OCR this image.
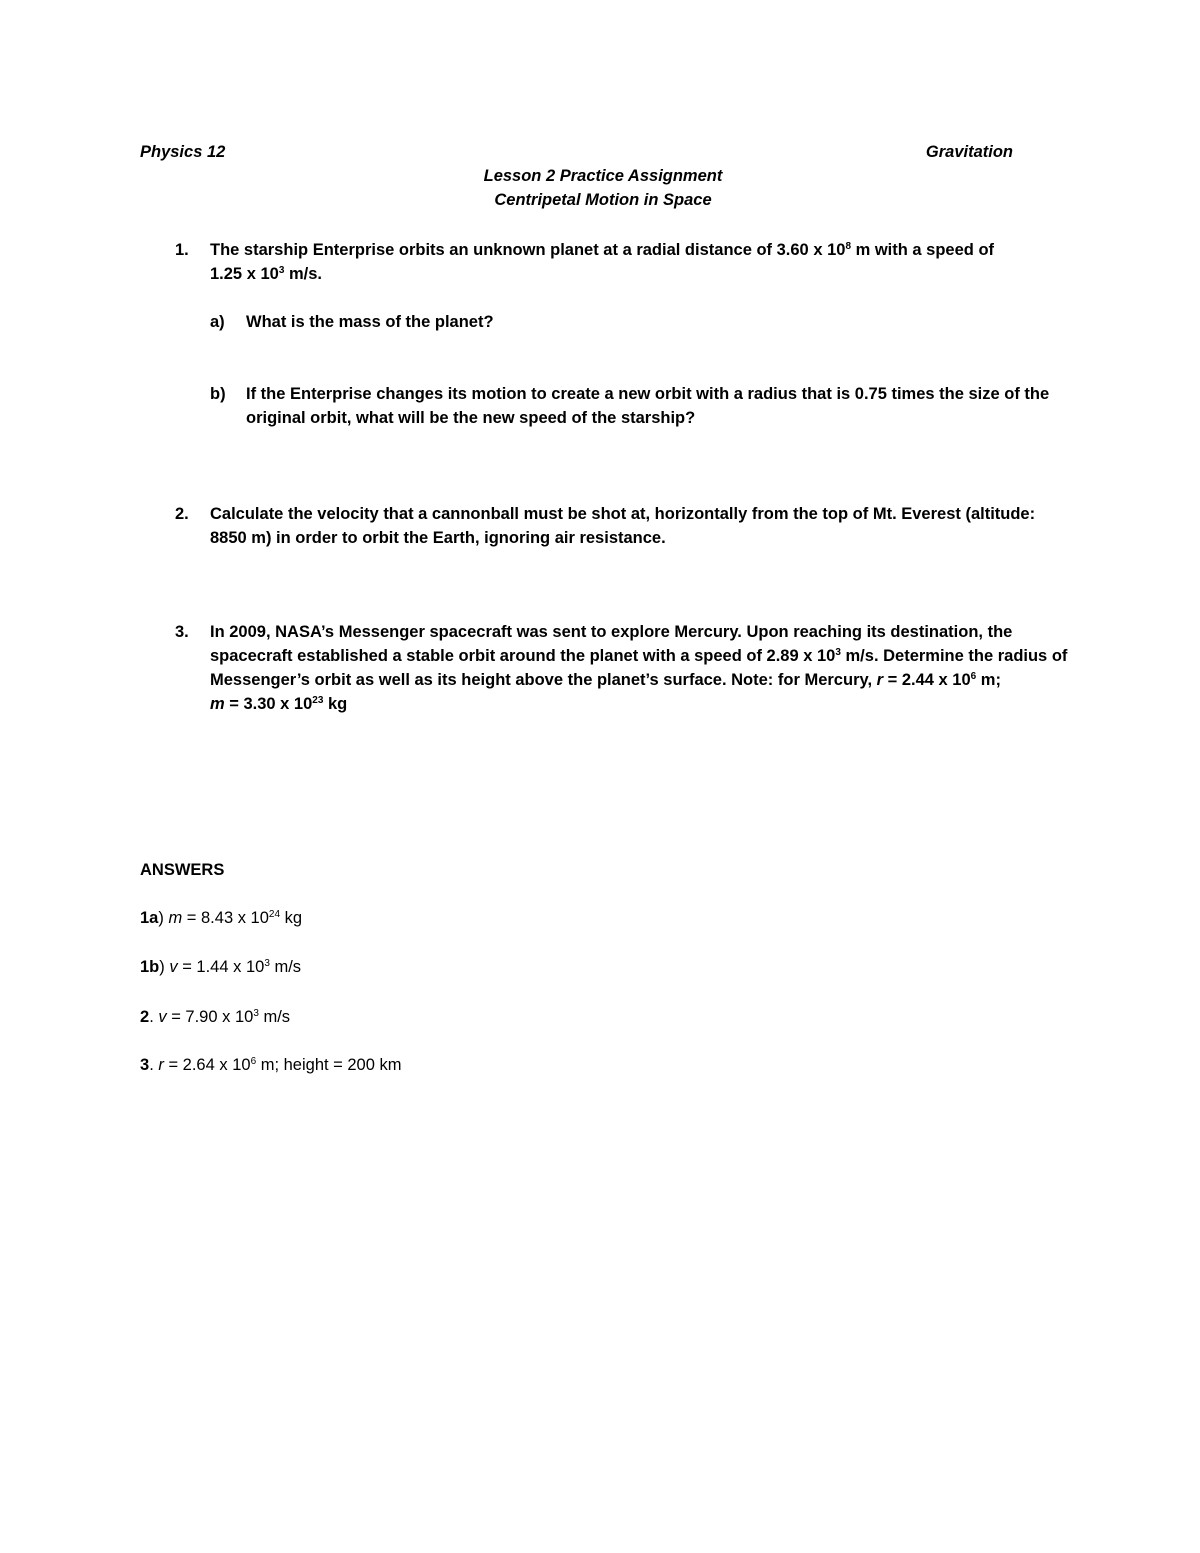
Physics 12	Gravitation
Lesson 2 Practice Assignment
Centripetal Motion in Space
1. The starship Enterprise orbits an unknown planet at a radial distance of 3.60 x $10^8$ m with a speed of
1.25 x $10^3$ m/s.
a) What is the mass of the planet?
b) If the Enterprise changes its motion to create a new orbit with a radius that is 0.75 times the size of the original orbit, what will be the new speed of the starship?
2. Calculate the velocity that a cannonball must be shot at, horizontally from the top of Mt. Everest (altitude: 8850 m) in order to orbit the Earth, ignoring air resistance.
3. In 2009, NASA’s Messenger spacecraft was sent to explore Mercury. Upon reaching its destination, the spacecraft established a stable orbit around the planet with a speed of 2.89 x $10^3$ m/s. Determine the radius of Messenger’s orbit as well as its height above the planet’s surface. Note: for Mercury, r = 2.44 x $10^6$ m;
m = 3.30 x $10^{23}$ kg
ANSWERS
1a) m = 8.43 x $10^{24}$ kg
1b) v = 1.44 x $10^3$ m/s
2. v = 7.90 x $10^3$ m/s
3. r = 2.64 x $10^6$ m; height = 200 km
